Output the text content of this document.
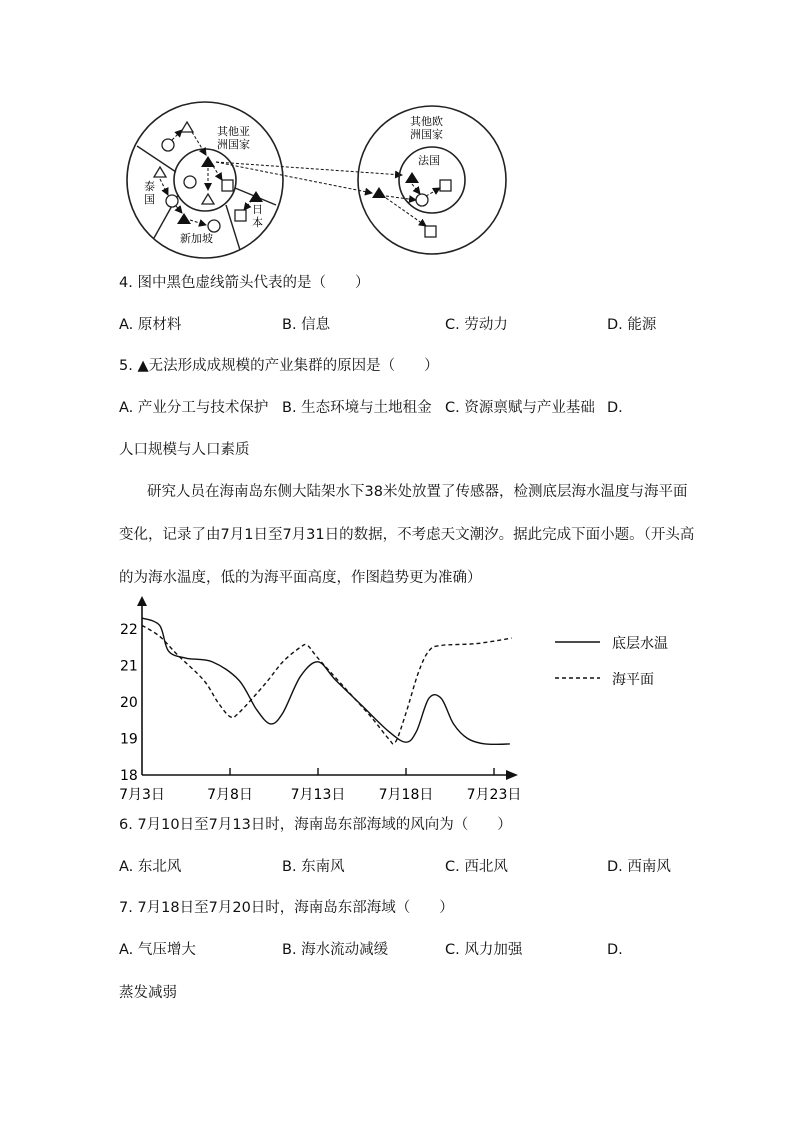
其他亚 洲国家
泰 国
日 本
新加坡
其他欧 洲国家
法国
4. 图中黑色虚线箭头代表的是（　　）
A. 原材料	B. 信息	C. 劳动力	D. 能源
5. ▲无法形成成规模的产业集群的原因是（　　）
A. 产业分工与技术保护 B. 生态环境与土地租金 C. 资源禀赋与产业基础 D.
人口规模与人口素质
研究人员在海南岛东侧大陆架水下38米处放置了传感器，检测底层海水温度与海平面
变化，记录了由7月1日至7月31日的数据，不考虑天文潮汐。据此完成下面小题。（开头高
的为海水温度，低的为海平面高度，作图趋势更为准确）
18
19
20
21
22
7月3日	7月8日	7月13日 7月18日 7月23日
底层水温
海平面
6. 7月10日至7月13日时，海南岛东部海域的风向为（　　）
A. 东北风	B. 东南风	C. 西北风	D. 西南风
7. 7月18日至7月20日时，海南岛东部海域（　　）
A. 气压增大	B. 海水流动减缓	C. 风力加强	D.
蒸发减弱
